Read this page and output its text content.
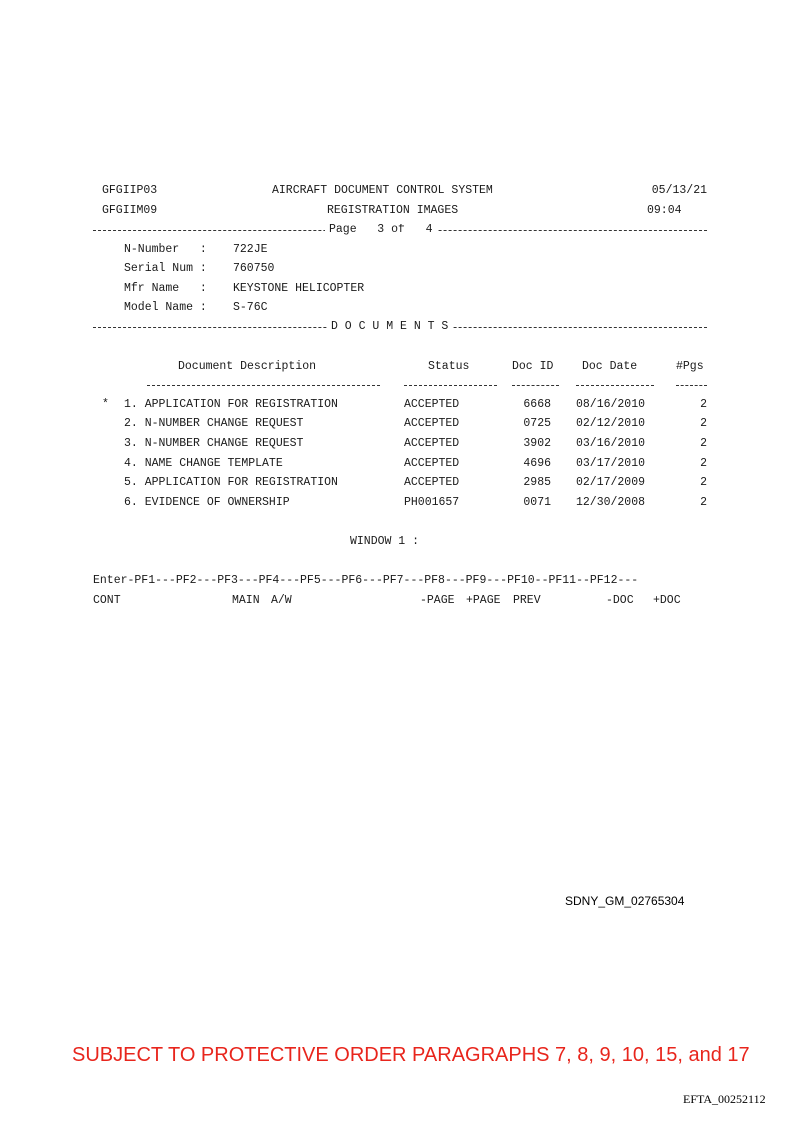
GFGIIP03	AIRCRAFT DOCUMENT CONTROL SYSTEM	05/13/21
GFGIIM09	REGISTRATION IMAGES	09:04
Page   3 of   4
N-Number   : 722JE
Serial Num : 760750
Mfr Name   : KEYSTONE HELICOPTER
Model Name : S-76C
D O C U M E N T S
Document Description	Status	Doc ID Doc Date	#Pgs
* 1. APPLICATION FOR REGISTRATION	ACCEPTED	6668 08/16/2010	2
2. N-NUMBER CHANGE REQUEST	ACCEPTED	0725 02/12/2010	2
3. N-NUMBER CHANGE REQUEST	ACCEPTED	3902 03/16/2010	2
4. NAME CHANGE TEMPLATE	ACCEPTED	4696 03/17/2010	2
5. APPLICATION FOR REGISTRATION	ACCEPTED	2985 02/17/2009	2
6. EVIDENCE OF OWNERSHIP	PH001657	0071 12/30/2008	2
WINDOW 1 :
Enter-PF1---PF2---PF3---PF4---PF5---PF6---PF7---PF8---PF9---PF10--PF11--PF12---
CONT	MAIN A/W	-PAGE +PAGE PREV	-DOC +DOC
SDNY_GM_02765304
SUBJECT TO PROTECTIVE ORDER PARAGRAPHS 7, 8, 9, 10, 15, and 17
EFTA_00252112
